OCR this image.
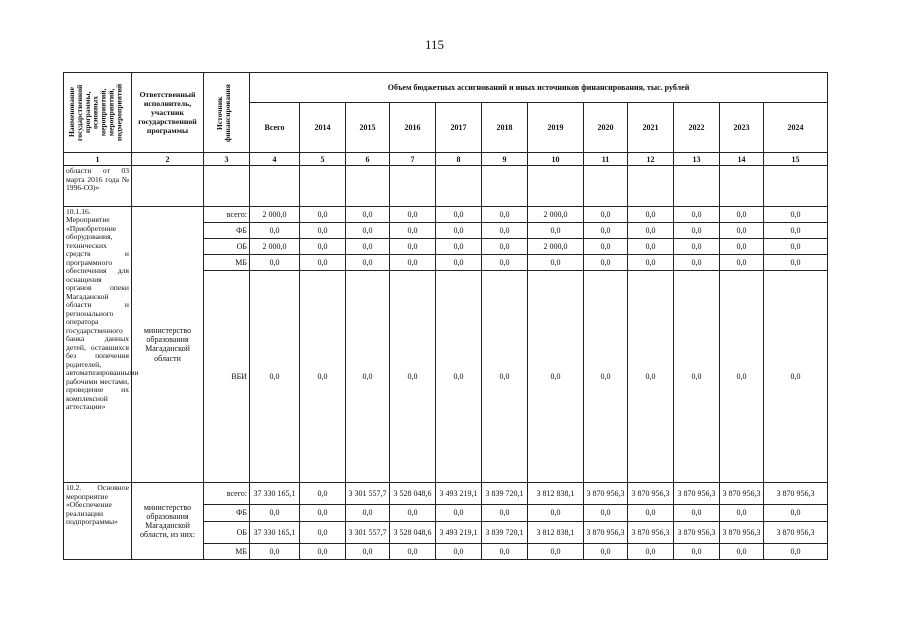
115
Наименование государственной программы, основных мероприятий, мероприятий, подмероприятий	Ответственный исполнитель, участник государственной программы	Источник финансирования	Объем бюджетных ассигнований и иных источников финансирования, тыс. рублей											
			Всего	2014	2015	2016	2017	2018	2019	2020	2021	2022	2023	2024
1	2	3	4	5	6	7	8	9	10	11	12	13	14	15
области от 03 марта 2016 года № 1996-ОЗ)»														
10.1.16. Мероприятие «Приобретение оборудования, технических средств и программного обеспечения для оснащения органов опеки Магаданской области и регионального оператора государственного банка данных детей, оставшихся без попечения родителей, автоматизированными рабочими местами, проведение их комплексной аттестации»	министерство образования Магаданской области	всего:	2 000,0	0,0	0,0	0,0	0,0	0,0	2 000,0	0,0	0,0	0,0	0,0	0,0
		ФБ	0,0	0,0	0,0	0,0	0,0	0,0	0,0	0,0	0,0	0,0	0,0	0,0
		ОБ	2 000,0	0,0	0,0	0,0	0,0	0,0	2 000,0	0,0	0,0	0,0	0,0	0,0
		МБ	0,0	0,0	0,0	0,0	0,0	0,0	0,0	0,0	0,0	0,0	0,0	0,0
		ВБИ	0,0	0,0	0,0	0,0	0,0	0,0	0,0	0,0	0,0	0,0	0,0	0,0
10.2. Основное мероприятие «Обеспечение реализации подпрограммы»	министерство образования Магаданской области, из них:	всего:	37 330 165,1	0,0	3 301 557,7	3 528 048,6	3 493 219,1	3 839 720,1	3 812 838,1	3 870 956,3	3 870 956,3	3 870 956,3	3 870 956,3	3 870 956,3
		ФБ	0,0	0,0	0,0	0,0	0,0	0,0	0,0	0,0	0,0	0,0	0,0	0,0
		ОБ	37 330 165,1	0,0	3 301 557,7	3 528 048,6	3 493 219,1	3 839 720,1	3 812 838,1	3 870 956,3	3 870 956,3	3 870 956,3	3 870 956,3	3 870 956,3
		МБ	0,0	0,0	0,0	0,0	0,0	0,0	0,0	0,0	0,0	0,0	0,0	0,0
